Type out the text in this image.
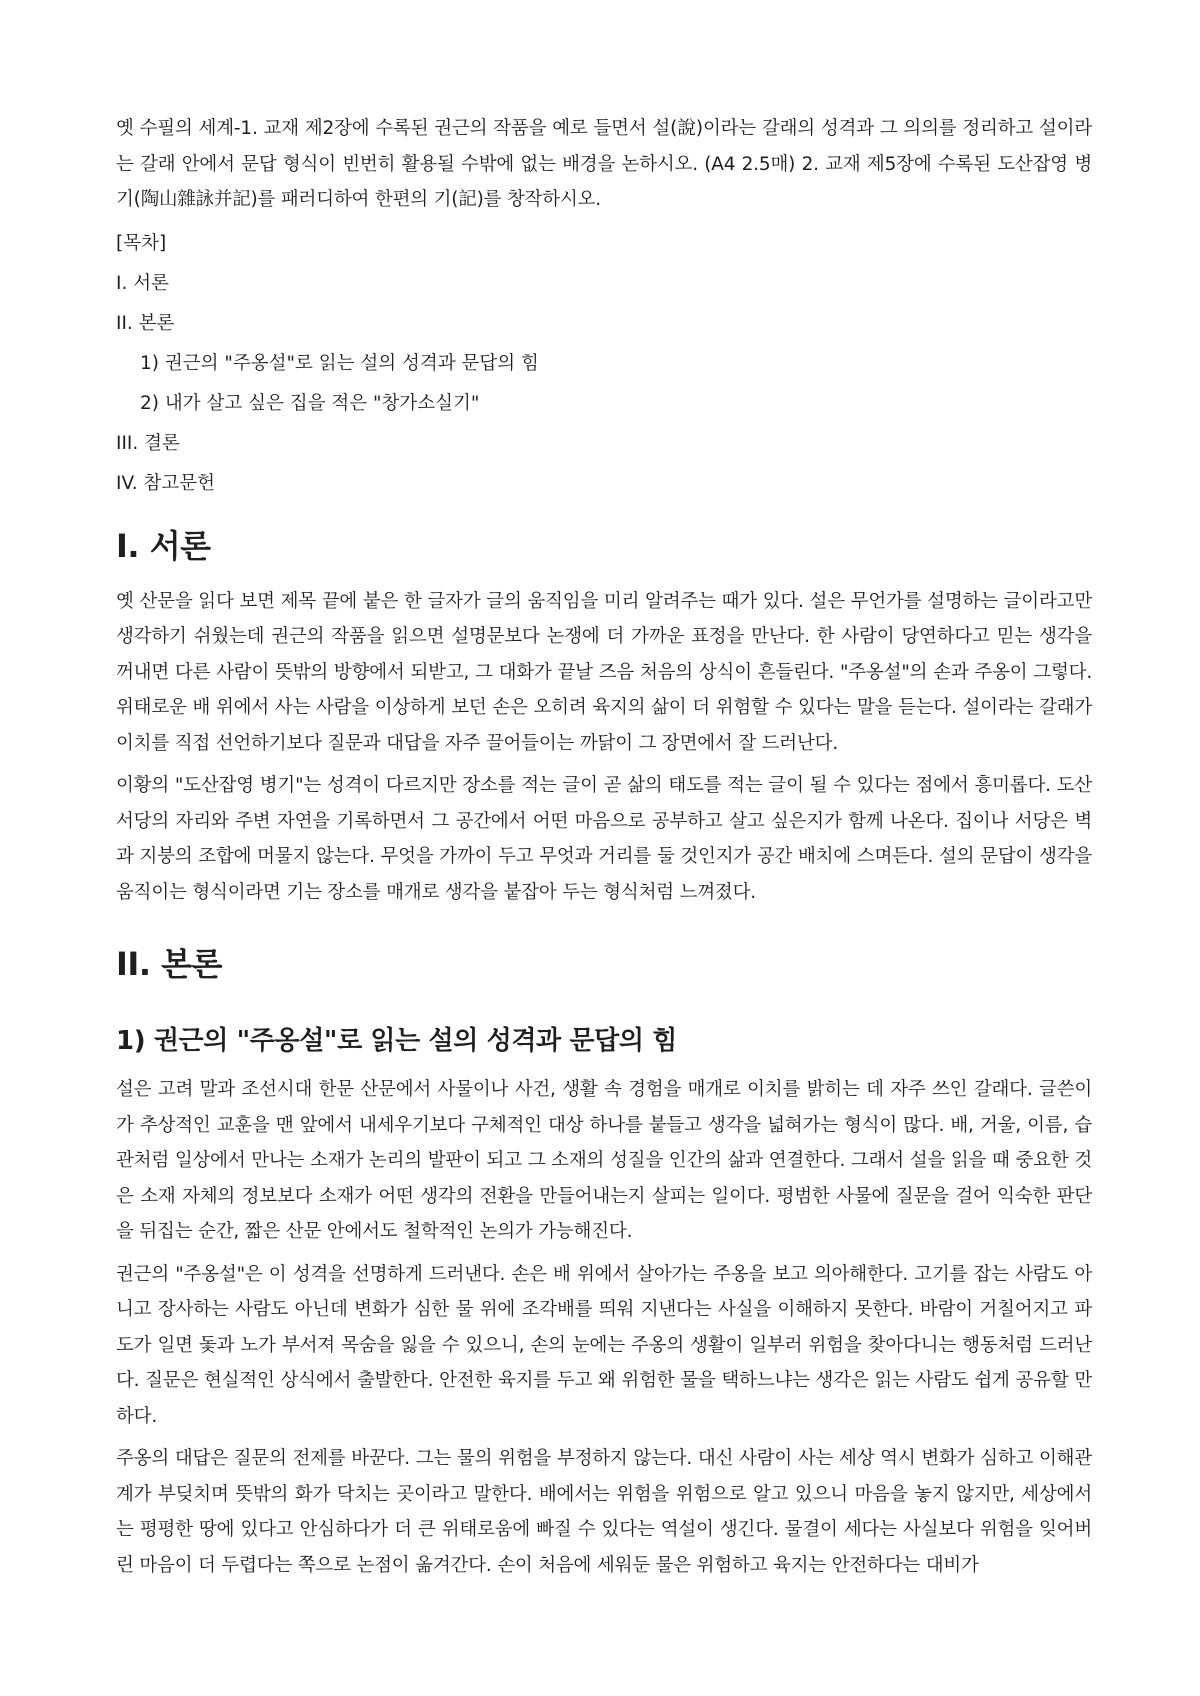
옛 수필의 세계-1. 교재 제2장에 수록된 권근의 작품을 예로 들면서 설(說)이라는 갈래의 성격과 그 의의를 정리하고 설이라는 갈래 안에서 문답 형식이 빈번히 활용될 수밖에 없는 배경을 논하시오. (A4 2.5매) 2. 교재 제5장에 수록된 도산잡영 병기(陶山雜詠并記)를 패러디하여 한편의 기(記)를 창작하시오.

[목차]
I. 서론
II. 본론
1) 권근의 "주옹설"로 읽는 설의 성격과 문답의 힘
2) 내가 살고 싶은 집을 적은 "창가소실기"
III. 결론
IV. 참고문헌
I. 서론

옛 산문을 읽다 보면 제목 끝에 붙은 한 글자가 글의 움직임을 미리 알려주는 때가 있다. 설은 무언가를 설명하는 글이라고만 생각하기 쉬웠는데 권근의 작품을 읽으면 설명문보다 논쟁에 더 가까운 표정을 만난다. 한 사람이 당연하다고 믿는 생각을 꺼내면 다른 사람이 뜻밖의 방향에서 되받고, 그 대화가 끝날 즈음 처음의 상식이 흔들린다. "주옹설"의 손과 주옹이 그렇다. 위태로운 배 위에서 사는 사람을 이상하게 보던 손은 오히려 육지의 삶이 더 위험할 수 있다는 말을 듣는다. 설이라는 갈래가 이치를 직접 선언하기보다 질문과 대답을 자주 끌어들이는 까닭이 그 장면에서 잘 드러난다.

이황의 "도산잡영 병기"는 성격이 다르지만 장소를 적는 글이 곧 삶의 태도를 적는 글이 될 수 있다는 점에서 흥미롭다. 도산서당의 자리와 주변 자연을 기록하면서 그 공간에서 어떤 마음으로 공부하고 살고 싶은지가 함께 나온다. 집이나 서당은 벽과 지붕의 조합에 머물지 않는다. 무엇을 가까이 두고 무엇과 거리를 둘 것인지가 공간 배치에 스며든다. 설의 문답이 생각을 움직이는 형식이라면 기는 장소를 매개로 생각을 붙잡아 두는 형식처럼 느껴졌다.

II. 본론
1) 권근의 "주옹설"로 읽는 설의 성격과 문답의 힘

설은 고려 말과 조선시대 한문 산문에서 사물이나 사건, 생활 속 경험을 매개로 이치를 밝히는 데 자주 쓰인 갈래다. 글쓴이가 추상적인 교훈을 맨 앞에서 내세우기보다 구체적인 대상 하나를 붙들고 생각을 넓혀가는 형식이 많다. 배, 거울, 이름, 습관처럼 일상에서 만나는 소재가 논리의 발판이 되고 그 소재의 성질을 인간의 삶과 연결한다. 그래서 설을 읽을 때 중요한 것은 소재 자체의 정보보다 소재가 어떤 생각의 전환을 만들어내는지 살피는 일이다. 평범한 사물에 질문을 걸어 익숙한 판단을 뒤집는 순간, 짧은 산문 안에서도 철학적인 논의가 가능해진다.

권근의 "주옹설"은 이 성격을 선명하게 드러낸다. 손은 배 위에서 살아가는 주옹을 보고 의아해한다. 고기를 잡는 사람도 아니고 장사하는 사람도 아닌데 변화가 심한 물 위에 조각배를 띄워 지낸다는 사실을 이해하지 못한다. 바람이 거칠어지고 파도가 일면 돛과 노가 부서져 목숨을 잃을 수 있으니, 손의 눈에는 주옹의 생활이 일부러 위험을 찾아다니는 행동처럼 드러난다. 질문은 현실적인 상식에서 출발한다. 안전한 육지를 두고 왜 위험한 물을 택하느냐는 생각은 읽는 사람도 쉽게 공유할 만하다.

주옹의 대답은 질문의 전제를 바꾼다. 그는 물의 위험을 부정하지 않는다. 대신 사람이 사는 세상 역시 변화가 심하고 이해관계가 부딪치며 뜻밖의 화가 닥치는 곳이라고 말한다. 배에서는 위험을 위험으로 알고 있으니 마음을 놓지 않지만, 세상에서는 평평한 땅에 있다고 안심하다가 더 큰 위태로움에 빠질 수 있다는 역설이 생긴다. 물결이 세다는 사실보다 위험을 잊어버린 마음이 더 두렵다는 쪽으로 논점이 옮겨간다. 손이 처음에 세워둔 물은 위험하고 육지는 안전하다는 대비가
